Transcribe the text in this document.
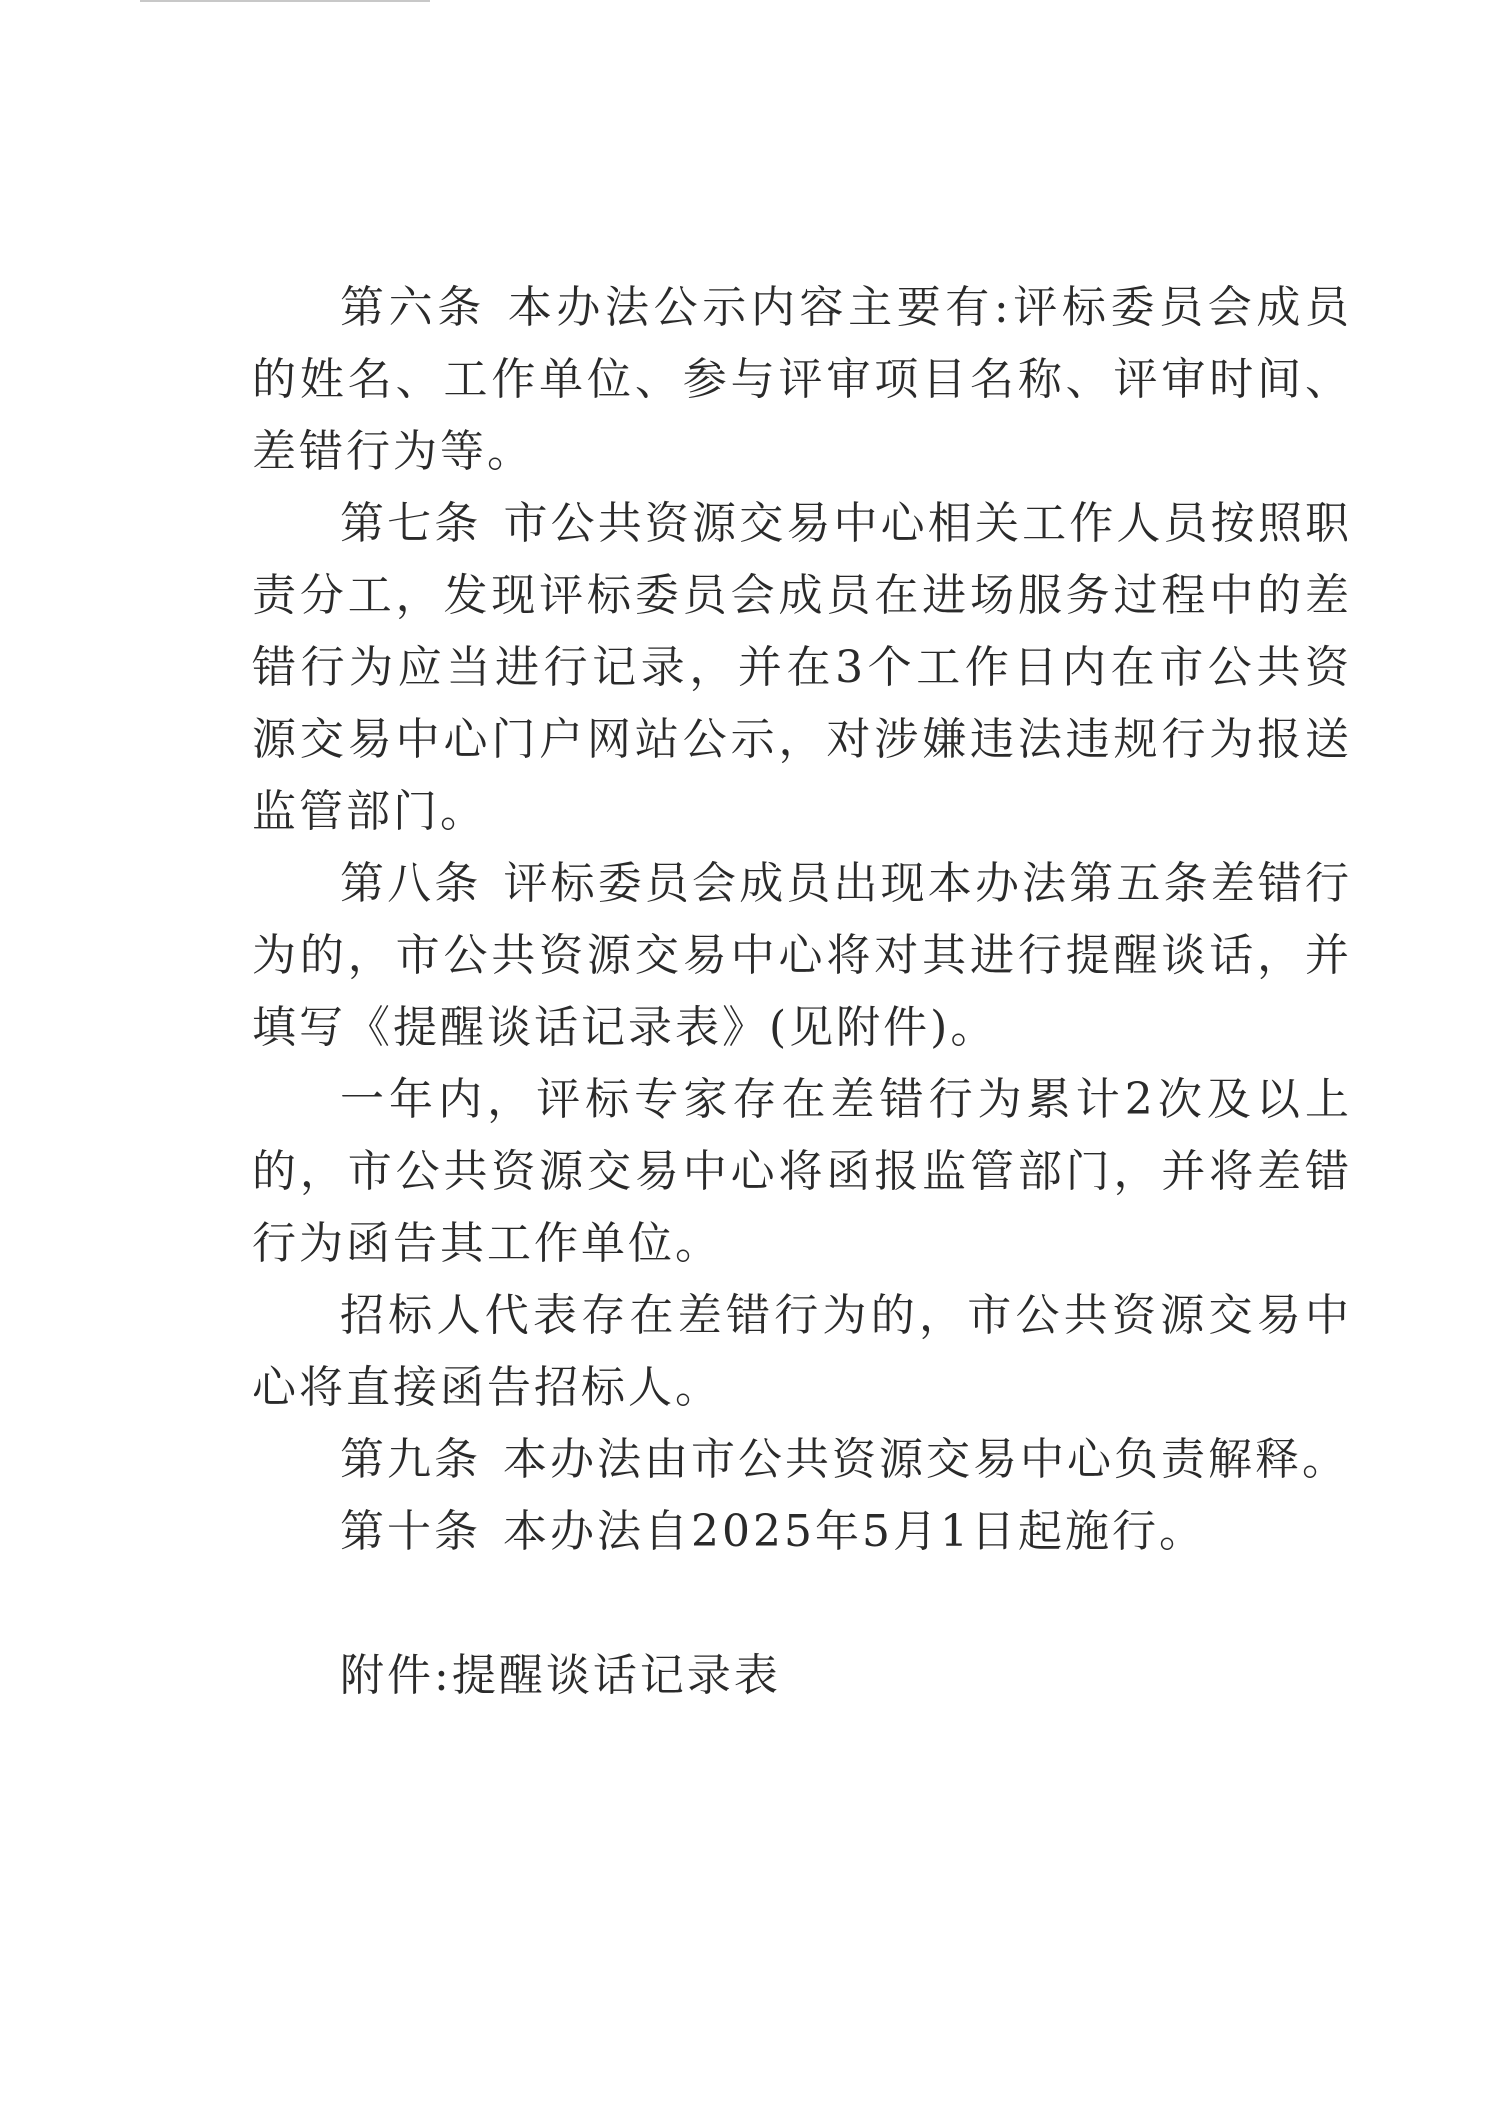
第六条 本办法公示内容主要有:评标委员会成员的姓名、工作单位、参与评审项目名称、评审时间、差错行为等。

第七条 市公共资源交易中心相关工作人员按照职责分工，发现评标委员会成员在进场服务过程中的差错行为应当进行记录，并在3个工作日内在市公共资源交易中心门户网站公示，对涉嫌违法违规行为报送监管部门。

第八条 评标委员会成员出现本办法第五条差错行为的，市公共资源交易中心将对其进行提醒谈话，并填写《提醒谈话记录表》(见附件)。

一年内，评标专家存在差错行为累计2次及以上的，市公共资源交易中心将函报监管部门，并将差错行为函告其工作单位。

招标人代表存在差错行为的，市公共资源交易中心将直接函告招标人。

第九条 本办法由市公共资源交易中心负责解释。

第十条 本办法自2025年5月1日起施行。

附件:提醒谈话记录表
